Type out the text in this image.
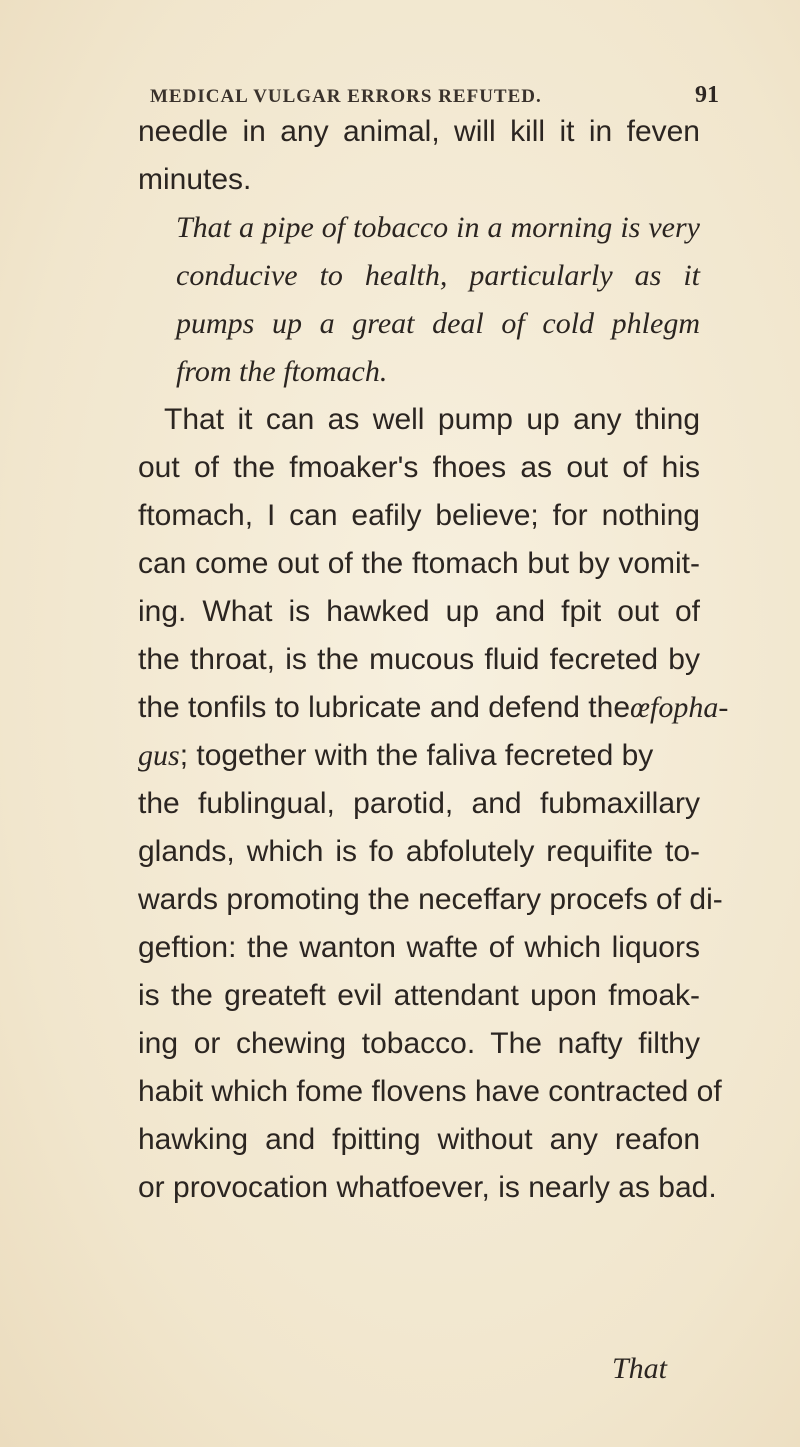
MEDICAL VULGAR ERRORS REFUTED.	91
needle in any animal, will kill it in feven
minutes.
That a pipe of tobacco in a morning is very
conducive to health, particularly as it
pumps up a great deal of cold phlegm
from the ftomach.
That it can as well pump up any thing
out of the fmoaker's fhoes as out of his
ftomach, I can eafily believe; for nothing
can come out of the ftomach but by vomit-
ing. What is hawked up and fpit out of
the throat, is the mucous fluid fecreted by
the tonfils to lubricate and defend theœfopha-
gus; together with the faliva fecreted by
the fublingual, parotid, and fubmaxillary
glands, which is fo abfolutely requifite to-
wards promoting the neceffary procefs of di-
geftion: the wanton wafte of which liquors
is the greateft evil attendant upon fmoak-
ing or chewing tobacco. The nafty filthy
habit which fome flovens have contracted of
hawking and fpitting without any reafon
or provocation whatfoever, is nearly as bad.
That
